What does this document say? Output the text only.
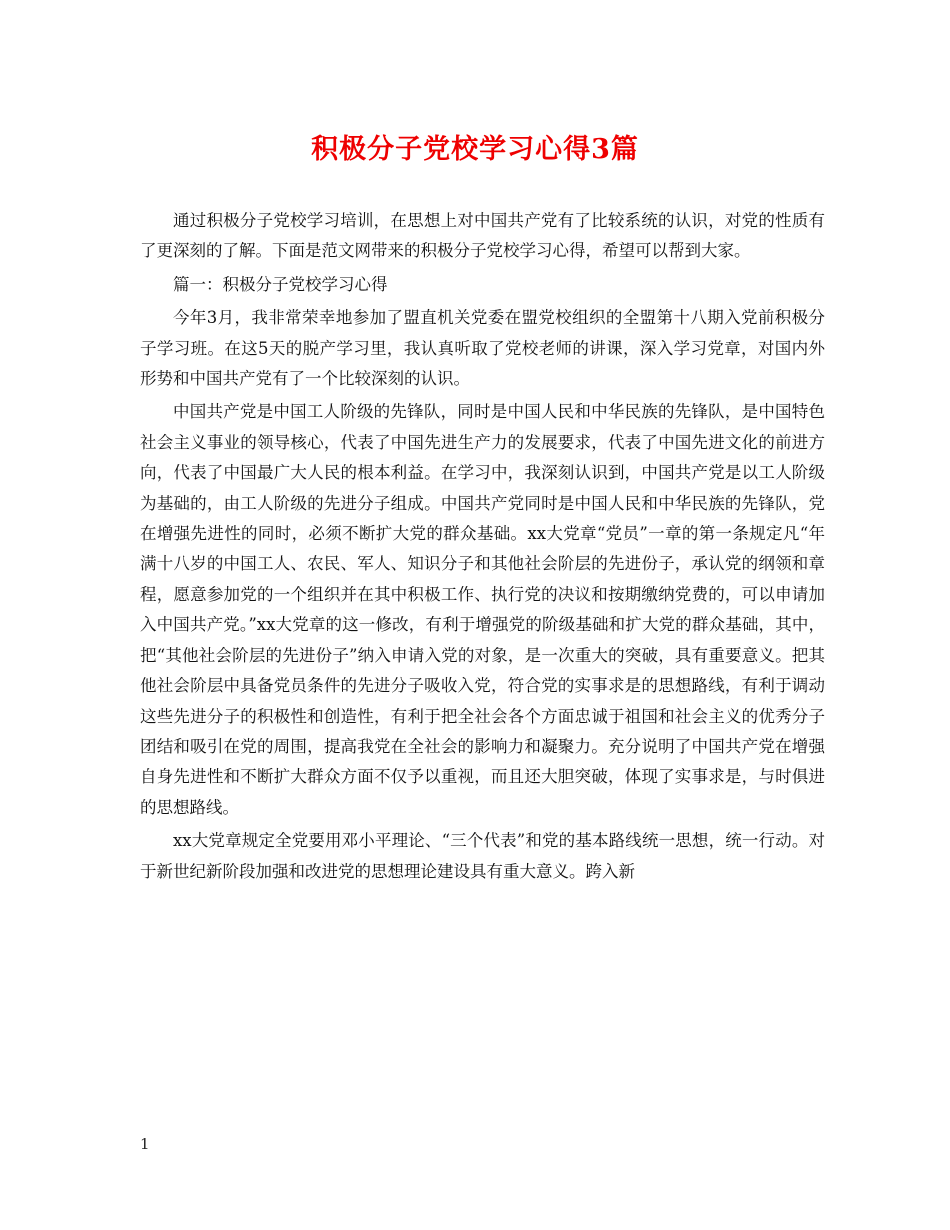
积极分子党校学习心得3篇

通过积极分子党校学习培训，在思想上对中国共产党有了比较系统的认识，对党的性质有了更深刻的了解。下面是范文网带来的积极分子党校学习心得，希望可以帮到大家。

篇一：积极分子党校学习心得

今年3月，我非常荣幸地参加了盟直机关党委在盟党校组织的全盟第十八期入党前积极分子学习班。在这5天的脱产学习里，我认真听取了党校老师的讲课，深入学习党章，对国内外形势和中国共产党有了一个比较深刻的认识。

中国共产党是中国工人阶级的先锋队，同时是中国人民和中华民族的先锋队，是中国特色社会主义事业的领导核心，代表了中国先进生产力的发展要求，代表了中国先进文化的前进方向，代表了中国最广大人民的根本利益。在学习中，我深刻认识到，中国共产党是以工人阶级为基础的，由工人阶级的先进分子组成。中国共产党同时是中国人民和中华民族的先锋队，党在增强先进性的同时，必须不断扩大党的群众基础。xx大党章“党员”一章的第一条规定凡“年满十八岁的中国工人、农民、军人、知识分子和其他社会阶层的先进份子，承认党的纲领和章程，愿意参加党的一个组织并在其中积极工作、执行党的决议和按期缴纳党费的，可以申请加入中国共产党。”xx大党章的这一修改，有利于增强党的阶级基础和扩大党的群众基础，其中，把“其他社会阶层的先进份子”纳入申请入党的对象，是一次重大的突破，具有重要意义。把其他社会阶层中具备党员条件的先进分子吸收入党，符合党的实事求是的思想路线，有利于调动这些先进分子的积极性和创造性，有利于把全社会各个方面忠诚于祖国和社会主义的优秀分子团结和吸引在党的周围，提高我党在全社会的影响力和凝聚力。充分说明了中国共产党在增强自身先进性和不断扩大群众方面不仅予以重视，而且还大胆突破，体现了实事求是，与时俱进的思想路线。

xx大党章规定全党要用邓小平理论、“三个代表”和党的基本路线统一思想，统一行动。对于新世纪新阶段加强和改进党的思想理论建设具有重大意义。跨入新

1
